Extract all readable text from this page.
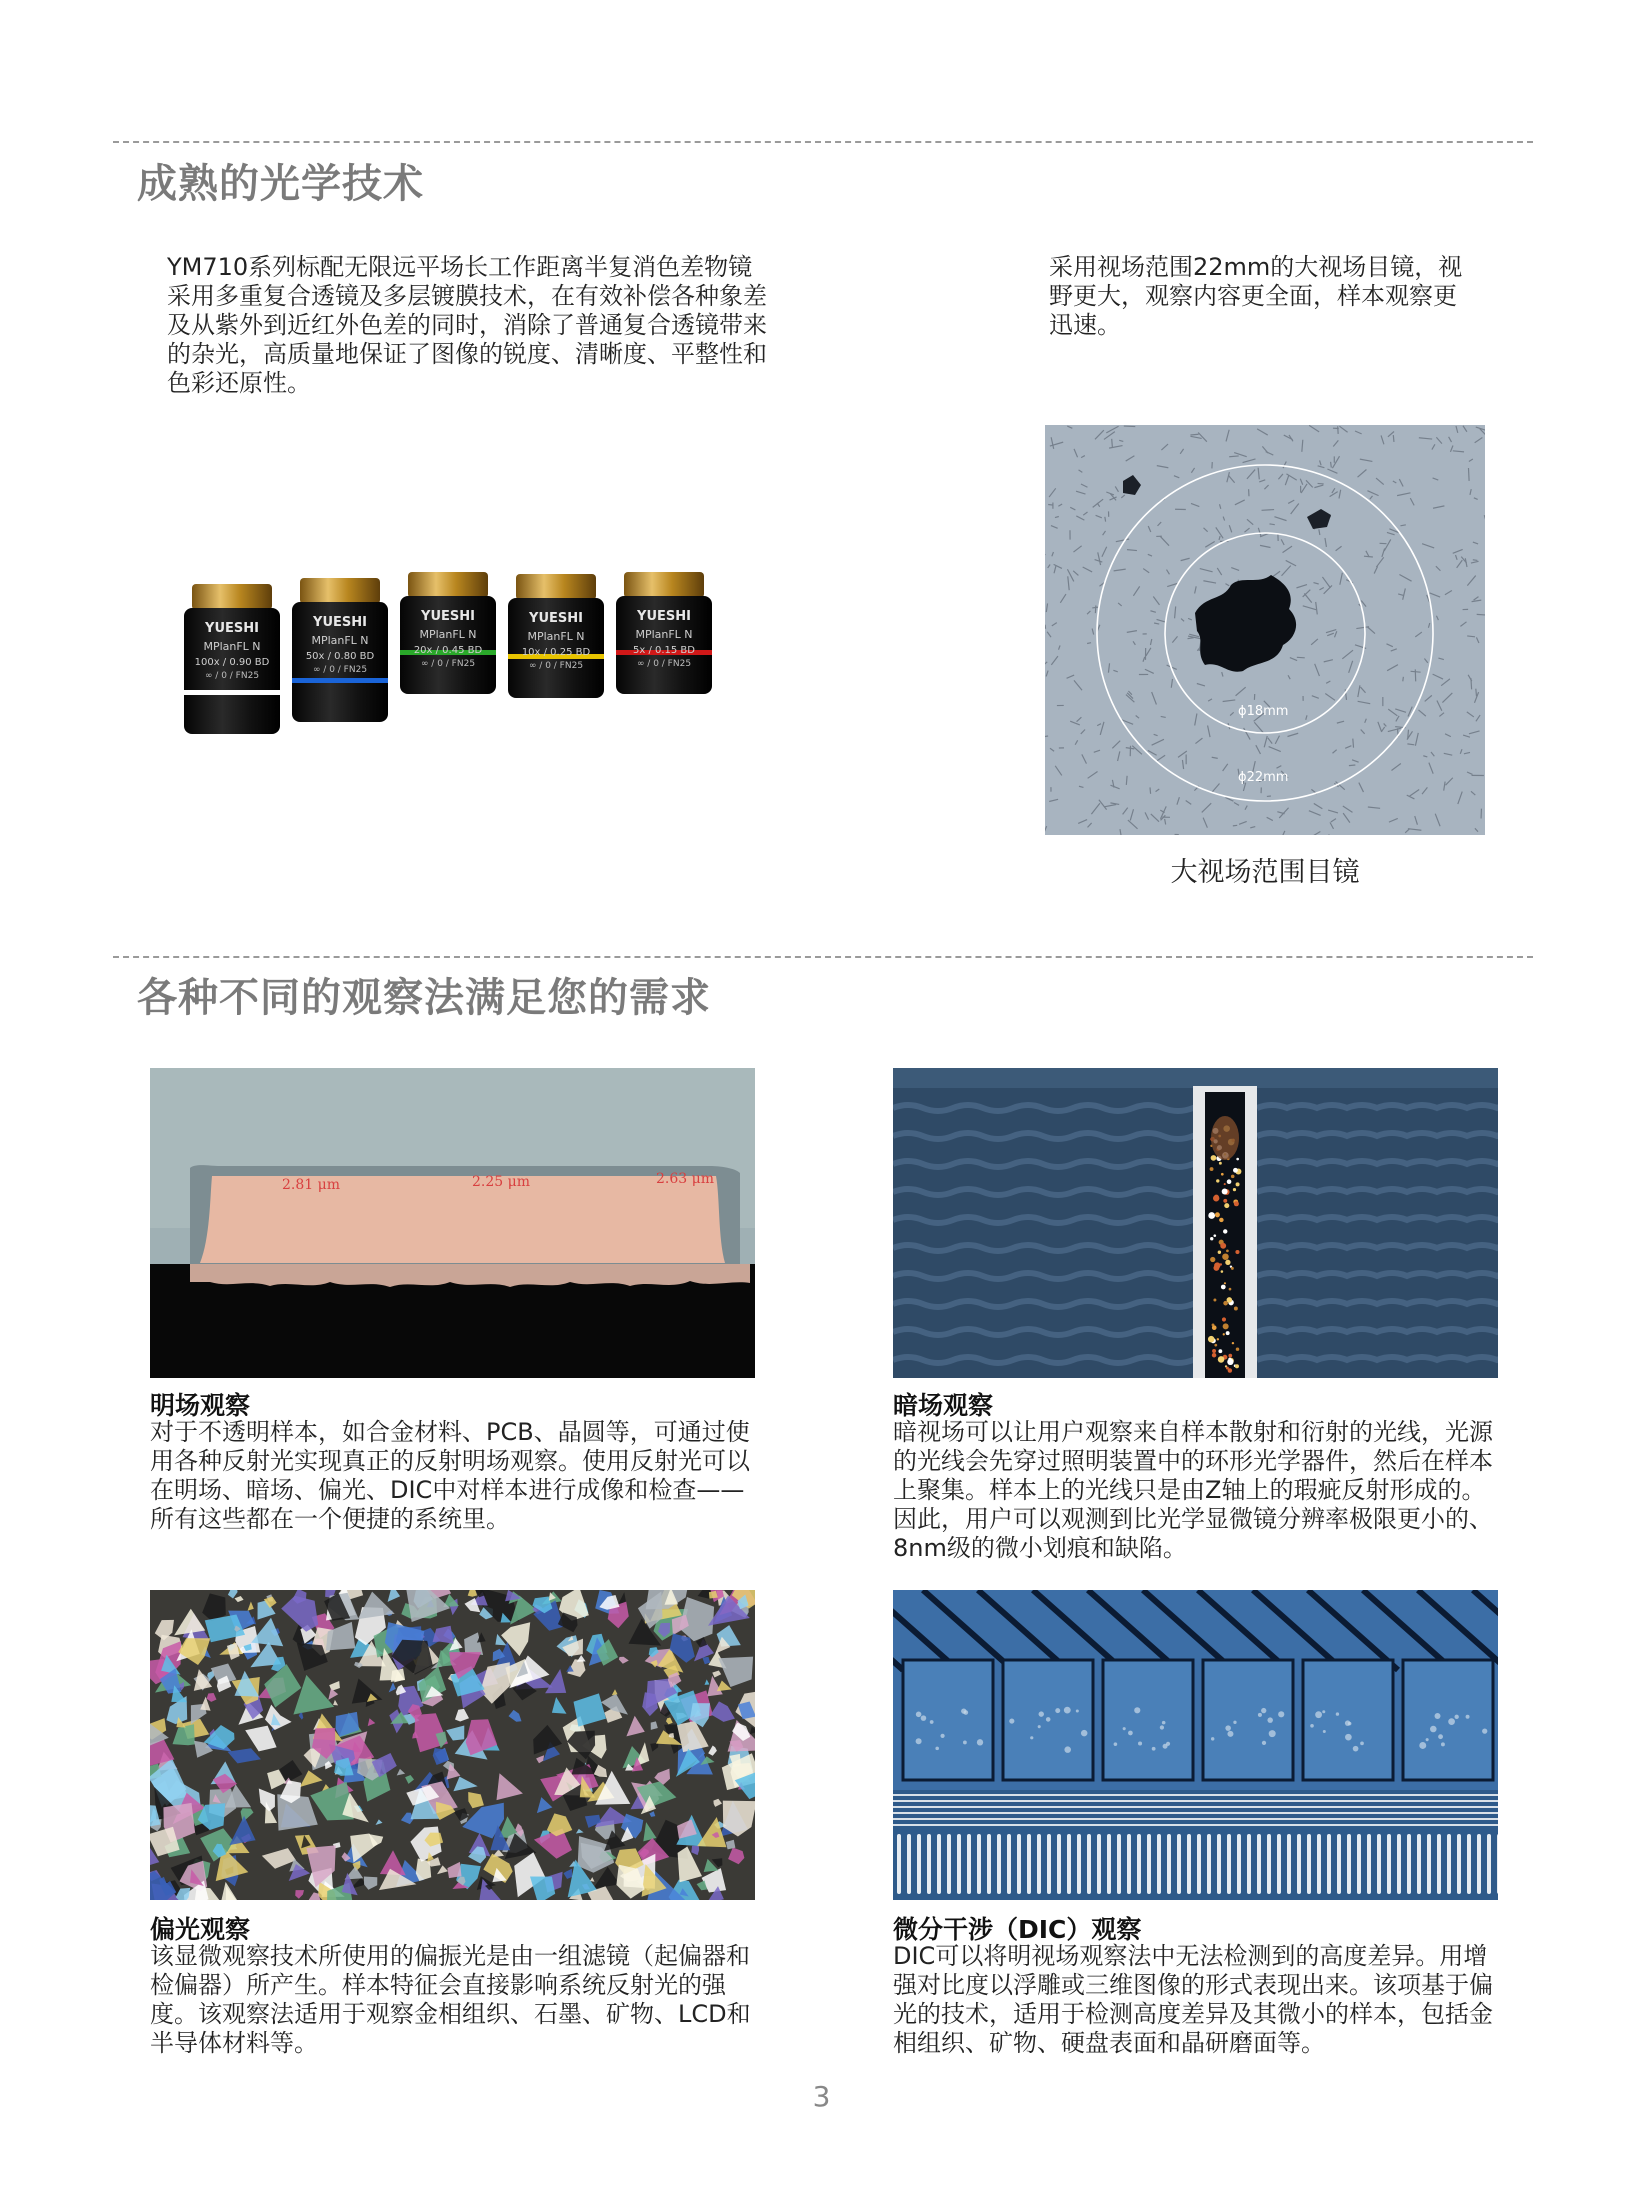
成熟的光学技术

YM710系列标配无限远平场长工作距离半复消色差物镜采用多重复合透镜及多层镀膜技术，在有效补偿各种象差及从紫外到近红外色差的同时，消除了普通复合透镜带来的杂光，高质量地保证了图像的锐度、清晰度、平整性和色彩还原性。

采用视场范围22mm的大视场目镜，视野更大，观察内容更全面，样本观察更迅速。

YUESHI
MPlanFL N
100x / 0.90 BD
∞ / 0 / FN25
YUESHI
MPlanFL N
50x / 0.80 BD
∞ / 0 / FN25
YUESHI
MPlanFL N
20x / 0.45 BD
∞ / 0 / FN25
YUESHI
MPlanFL N
10x / 0.25 BD
∞ / 0 / FN25
YUESHI
MPlanFL N
5x / 0.15 BD
∞ / 0 / FN25
ϕ18mm
ϕ22mm

大视场范围目镜

各种不同的观察法满足您的需求
2.81 μm	2.25 μm	2.63 μm

明场观察

对于不透明样本，如合金材料、PCB、晶圆等，可通过使用各种反射光实现真正的反射明场观察。使用反射光可以在明场、暗场、偏光、DIC中对样本进行成像和检查——所有这些都在一个便捷的系统里。

暗场观察

暗视场可以让用户观察来自样本散射和衍射的光线，光源的光线会先穿过照明装置中的环形光学器件，然后在样本上聚集。样本上的光线只是由Z轴上的瑕疵反射形成的。因此，用户可以观测到比光学显微镜分辨率极限更小的、8nm级的微小划痕和缺陷。

偏光观察

该显微观察技术所使用的偏振光是由一组滤镜（起偏器和检偏器）所产生。样本特征会直接影响系统反射光的强度。该观察法适用于观察金相组织、石墨、矿物、LCD和半导体材料等。

微分干涉（DIC）观察

DIC可以将明视场观察法中无法检测到的高度差异。用增强对比度以浮雕或三维图像的形式表现出来。该项基于偏光的技术，适用于检测高度差异及其微小的样本，包括金相组织、矿物、硬盘表面和晶研磨面等。

3
